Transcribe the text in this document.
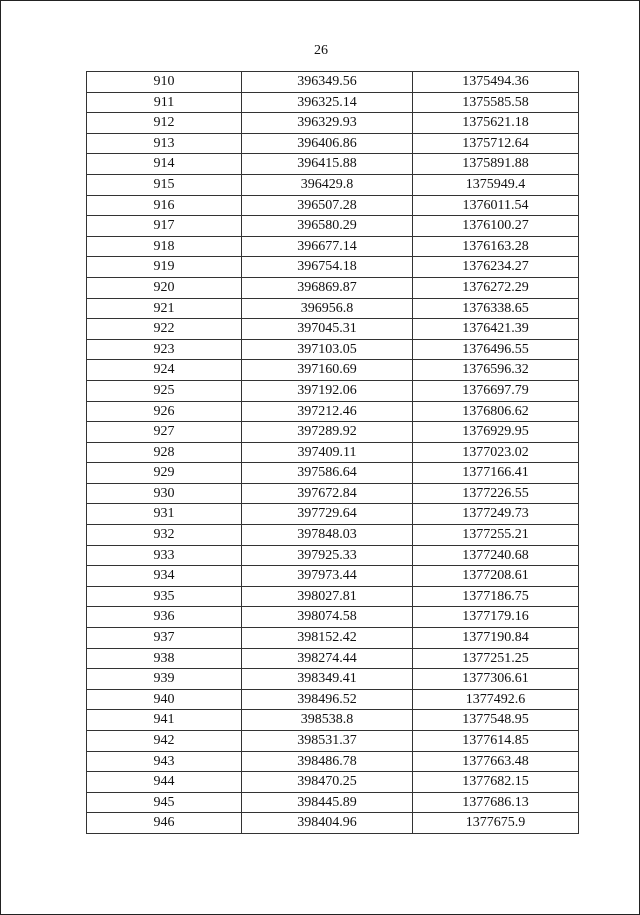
26
910	396349.56	1375494.36
911	396325.14	1375585.58
912	396329.93	1375621.18
913	396406.86	1375712.64
914	396415.88	1375891.88
915	396429.8	1375949.4
916	396507.28	1376011.54
917	396580.29	1376100.27
918	396677.14	1376163.28
919	396754.18	1376234.27
920	396869.87	1376272.29
921	396956.8	1376338.65
922	397045.31	1376421.39
923	397103.05	1376496.55
924	397160.69	1376596.32
925	397192.06	1376697.79
926	397212.46	1376806.62
927	397289.92	1376929.95
928	397409.11	1377023.02
929	397586.64	1377166.41
930	397672.84	1377226.55
931	397729.64	1377249.73
932	397848.03	1377255.21
933	397925.33	1377240.68
934	397973.44	1377208.61
935	398027.81	1377186.75
936	398074.58	1377179.16
937	398152.42	1377190.84
938	398274.44	1377251.25
939	398349.41	1377306.61
940	398496.52	1377492.6
941	398538.8	1377548.95
942	398531.37	1377614.85
943	398486.78	1377663.48
944	398470.25	1377682.15
945	398445.89	1377686.13
946	398404.96	1377675.9
